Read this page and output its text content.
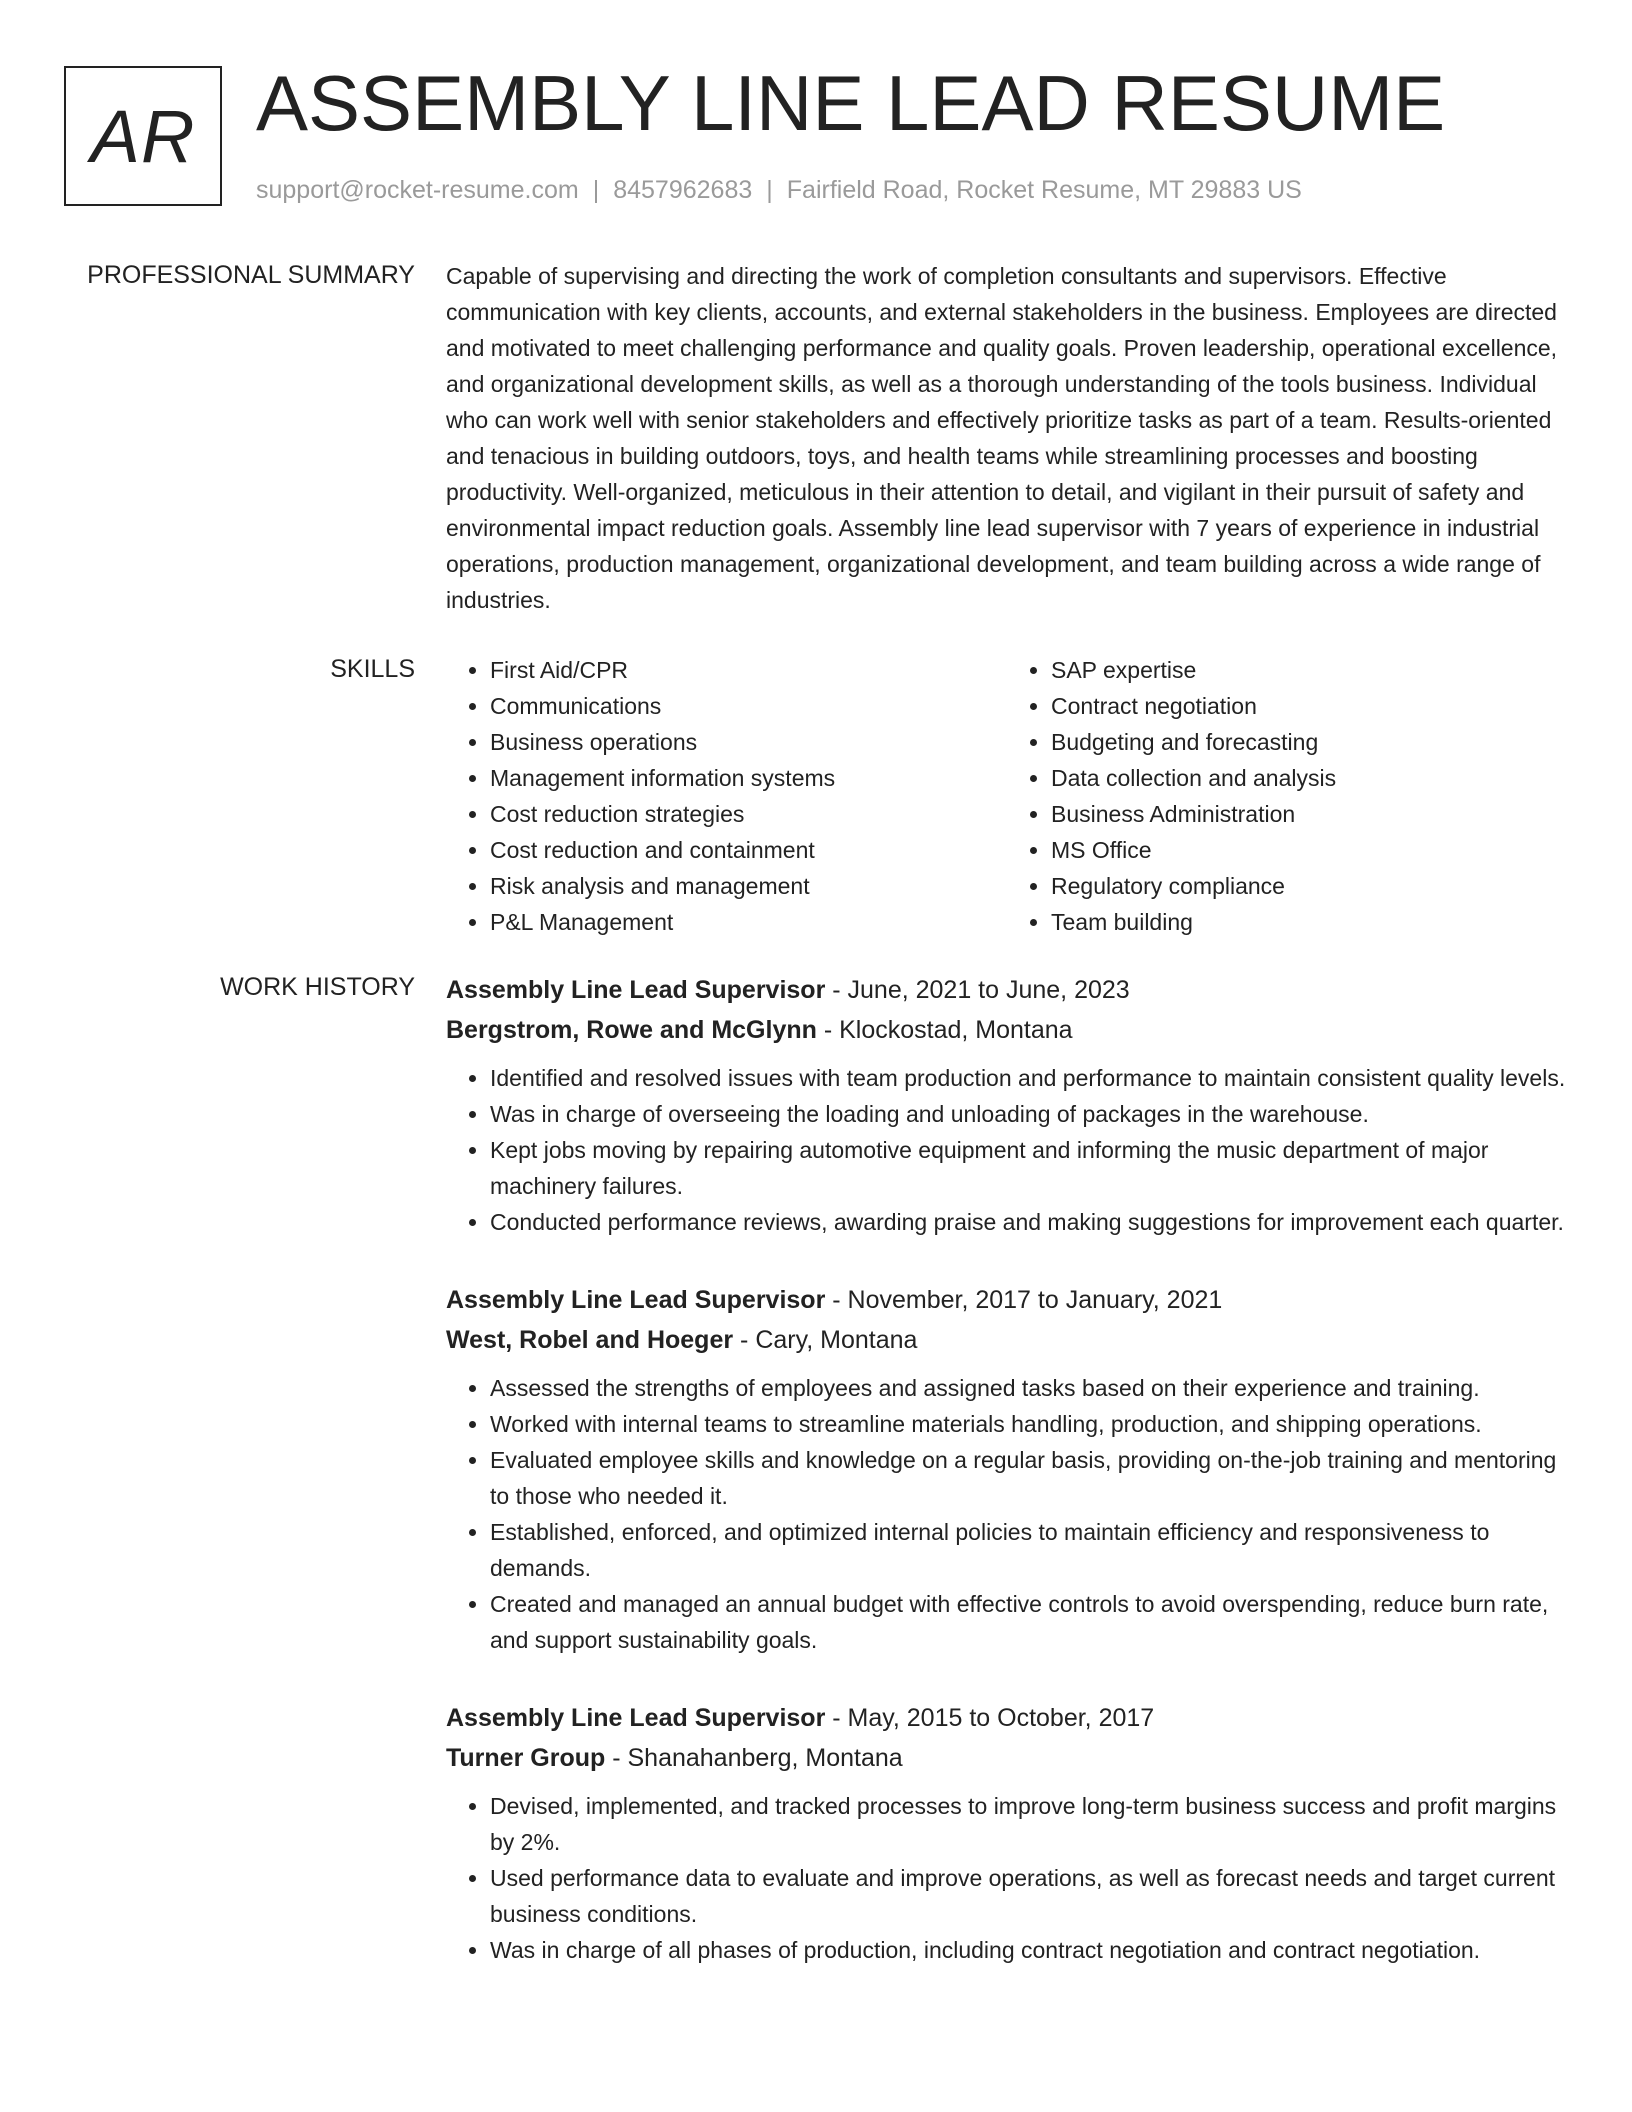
AR ASSEMBLY LINE LEAD RESUME
support@rocket-resume.com | 8457962683 | Fairfield Road, Rocket Resume, MT 29883 US
PROFESSIONAL SUMMARY Capable of supervising and directing the work of completion consultants and supervisors. Effective communication with key clients, accounts, and external stakeholders in the business. Employees are directed and motivated to meet challenging performance and quality goals. Proven leadership, operational excellence, and organizational development skills, as well as a thorough understanding of the tools business. Individual who can work well with senior stakeholders and effectively prioritize tasks as part of a team. Results-oriented and tenacious in building outdoors, toys, and health teams while streamlining processes and boosting productivity. Well-organized, meticulous in their attention to detail, and vigilant in their pursuit of safety and environmental impact reduction goals. Assembly line lead supervisor with 7 years of experience in industrial operations, production management, organizational development, and team building across a wide range of industries.
SKILLS
•	First Aid/CPR
• Communications
• Business operations
• Management information systems
• Cost reduction strategies
• Cost reduction and containment
• Risk analysis and management
• P&L Management
• SAP expertise
• Contract negotiation
• Budgeting and forecasting
• Data collection and analysis
• Business Administration
• MS Office
• Regulatory compliance
• Team building
WORK HISTORY Assembly Line Lead Supervisor - June, 2021 to June, 2023
Bergstrom, Rowe and McGlynn - Klockostad, Montana
• Identified and resolved issues with team production and performance to maintain consistent quality levels.
• Was in charge of overseeing the loading and unloading of packages in the warehouse.
• Kept jobs moving by repairing automotive equipment and informing the music department of major machinery failures.
• Conducted performance reviews, awarding praise and making suggestions for improvement each quarter.
Assembly Line Lead Supervisor - November, 2017 to January, 2021
West, Robel and Hoeger - Cary, Montana
• Assessed the strengths of employees and assigned tasks based on their experience and training.
• Worked with internal teams to streamline materials handling, production, and shipping operations.
• Evaluated employee skills and knowledge on a regular basis, providing on-the-job training and mentoring to those who needed it.
• Established, enforced, and optimized internal policies to maintain efficiency and responsiveness to demands.
• Created and managed an annual budget with effective controls to avoid overspending, reduce burn rate, and support sustainability goals.
Assembly Line Lead Supervisor - May, 2015 to October, 2017
Turner Group - Shanahanberg, Montana
• Devised, implemented, and tracked processes to improve long-term business success and profit margins by 2%.
• Used performance data to evaluate and improve operations, as well as forecast needs and target current business conditions.
• Was in charge of all phases of production, including contract negotiation and contract negotiation.
